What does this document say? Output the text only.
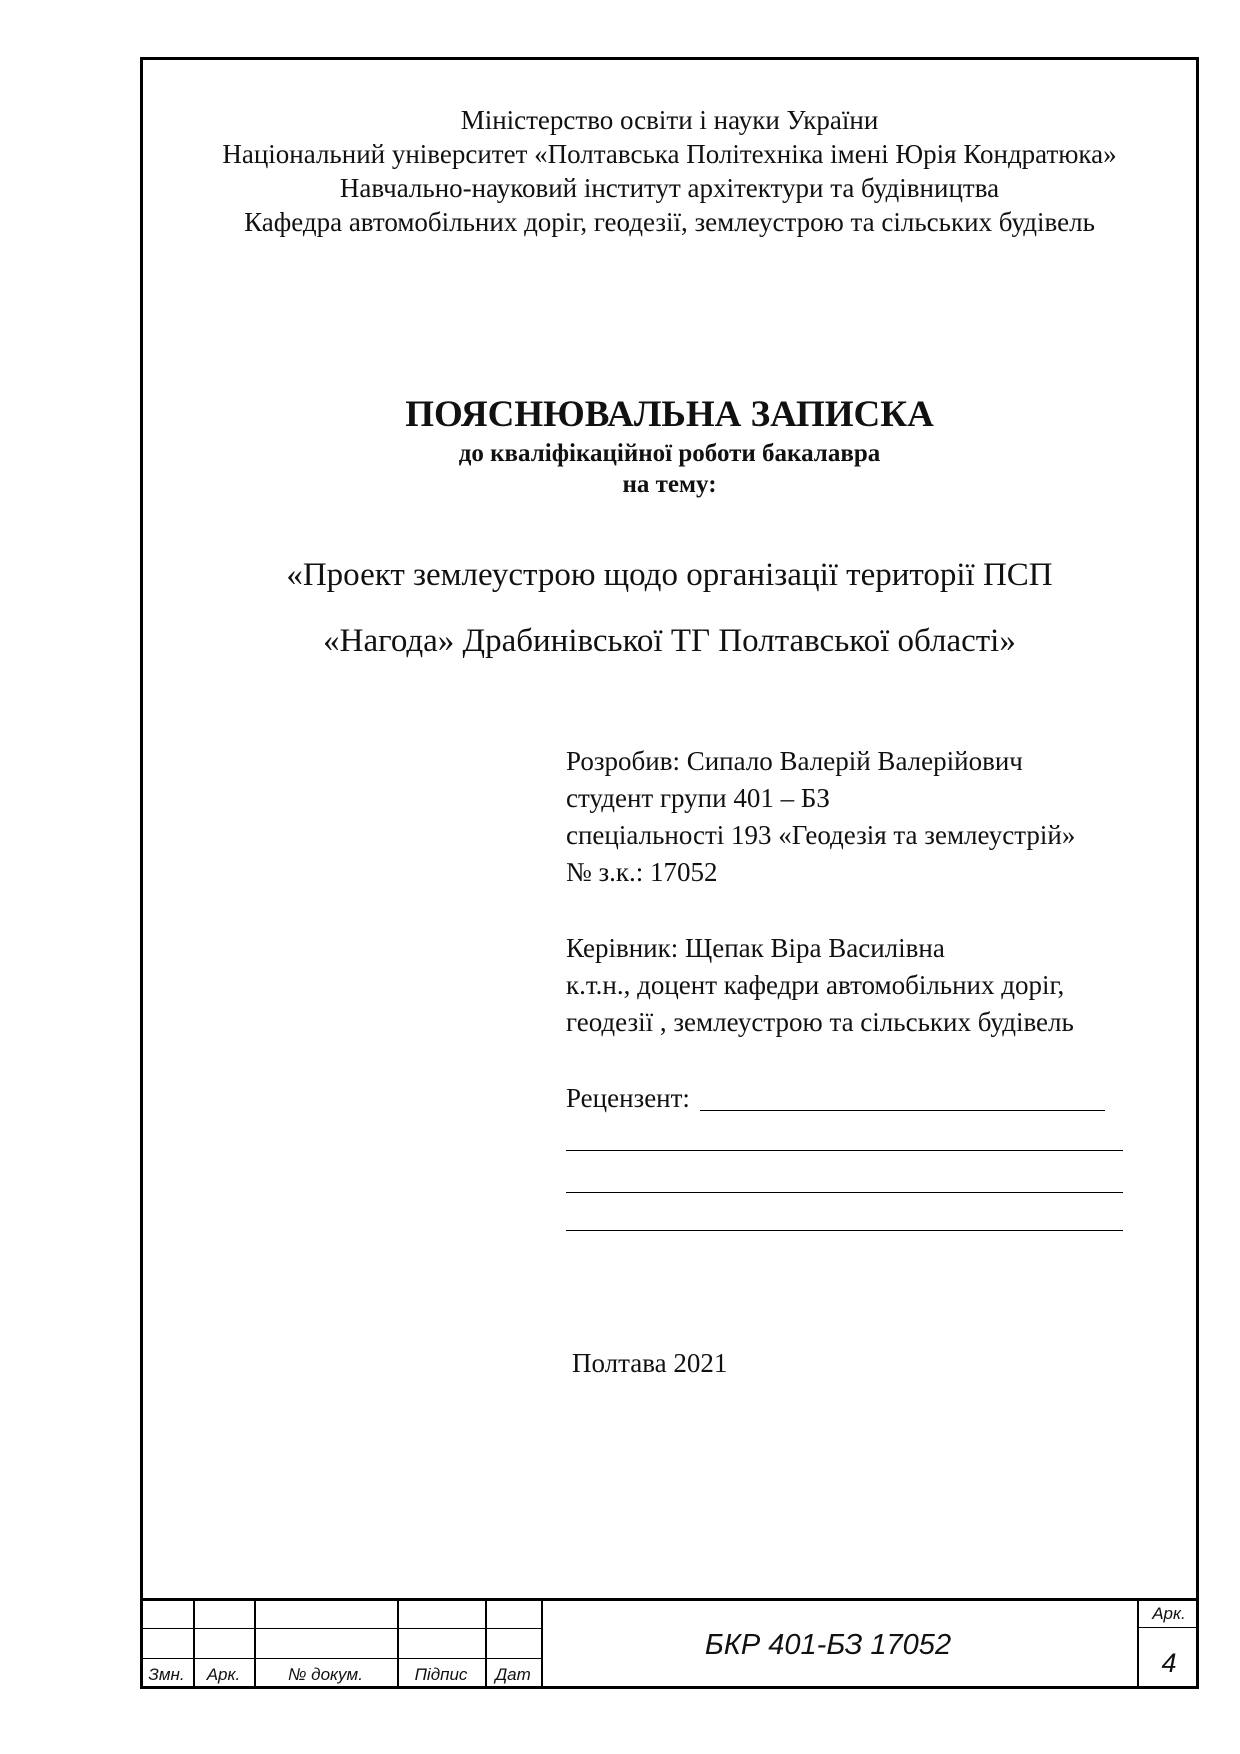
Міністерство освіти і науки України
Національний університет «Полтавська Політехніка імені Юрія Кондратюка»
Навчально-науковий інститут архітектури та будівництва
Кафедра автомобільних доріг, геодезії, землеустрою та сільських будівель
ПОЯСНЮВАЛЬНА ЗАПИСКА
до кваліфікаційної роботи бакалавра
на тему:
«Проект землеустрою щодо організації території ПСП
«Нагода» Драбинівської ТГ Полтавської області»
Розробив: Сипало Валерій Валерійович
студент групи 401 – БЗ
спеціальності 193 «Геодезія та землеустрій»
№ з.к.: 17052
Керівник: Щепак Віра Василівна
к.т.н., доцент кафедри автомобільних доріг,
геодезії , землеустрою та сільських будівель
Рецензент:
Полтава 2021
Змн.	Арк.	№ докум.	Підпис	Дат
БКР 401-БЗ 17052
Арк.
4
